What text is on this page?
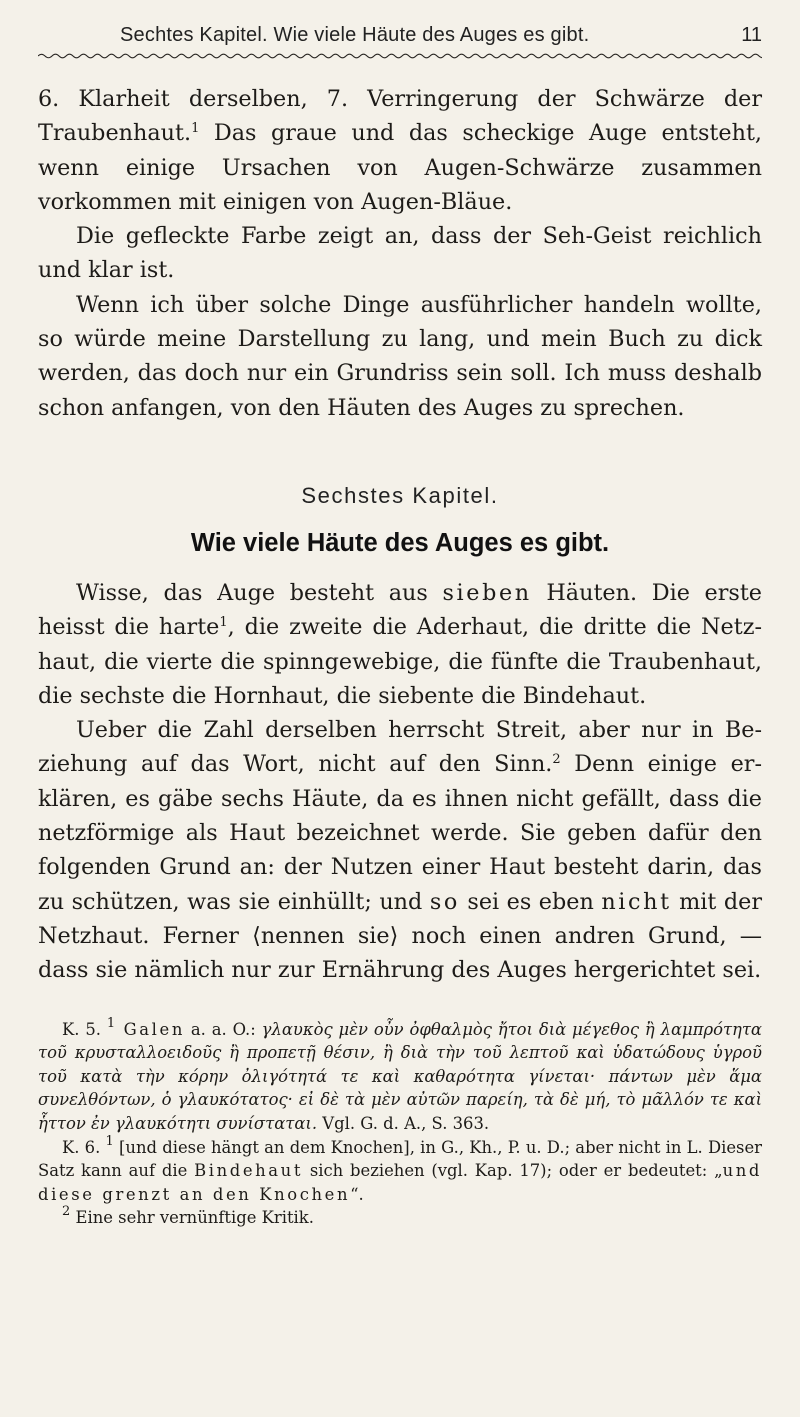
Sechtes Kapitel. Wie viele Häute des Auges es gibt.	11

6. Klarheit derselben, 7. Verringerung der Schwärze der Traubenhaut.$^1$ Das graue und das scheckige Auge entsteht, wenn einige Ursachen von Augen-Schwärze zusammen vorkommen mit einigen von Augen-Bläue.

Die gefleckte Farbe zeigt an, dass der Seh-Geist reichlich und klar ist.

Wenn ich über solche Dinge ausführlicher handeln wollte, so würde meine Darstellung zu lang, und mein Buch zu dick werden, das doch nur ein Grundriss sein soll. Ich muss deshalb schon anfangen, von den Häuten des Auges zu sprechen.

Sechstes Kapitel.
Wie viele Häute des Auges es gibt.

Wisse, das Auge besteht aus sieben Häuten. Die erste heisst die harte$^1$, die zweite die Aderhaut, die dritte die Netzhaut, die vierte die spinngewebige, die fünfte die Traubenhaut, die sechste die Hornhaut, die siebente die Bindehaut.

Ueber die Zahl derselben herrscht Streit, aber nur in Beziehung auf das Wort, nicht auf den Sinn.$^2$ Denn einige erklären, es gäbe sechs Häute, da es ihnen nicht gefällt, dass die netzförmige als Haut bezeichnet werde. Sie geben dafür den folgenden Grund an: der Nutzen einer Haut besteht darin, das zu schützen, was sie einhüllt; und so sei es eben nicht mit der Netzhaut. Ferner ⟨nennen sie⟩ noch einen andren Grund, — dass sie nämlich nur zur Ernährung des Auges hergerichtet sei.

K. 5. $^1$ Galen a. a. O.: γλαυκὸς μὲν οὖν ὀφθαλμὸς ἤτοι διὰ μέγεθος ἢ λαμπρότητα τοῦ κρυσταλλοειδοῦς ἢ προπετῇ θέσιν, ἢ διὰ τὴν τοῦ λεπτοῦ καὶ ὑδατώδους ὑγροῦ τοῦ κατὰ τὴν κόρην ὀλιγότητά τε καὶ καθαρότητα γίνεται· πάντων μὲν ἅμα συνελθόντων, ὁ γλαυκότατος· εἰ δὲ τὰ μὲν αὐτῶν παρείη, τὰ δὲ μή, τὸ μᾶλλόν τε καὶ ἧττον ἐν γλαυκότητι συνίσταται. Vgl. G. d. A., S. 363.

K. 6. $^1$ [und diese hängt an dem Knochen], in G., Kh., P. u. D.; aber nicht in L. Dieser Satz kann auf die Bindehaut sich beziehen (vgl. Kap. 17); oder er bedeutet: „und diese grenzt an den Knochen“.

$^2$ Eine sehr vernünftige Kritik.
